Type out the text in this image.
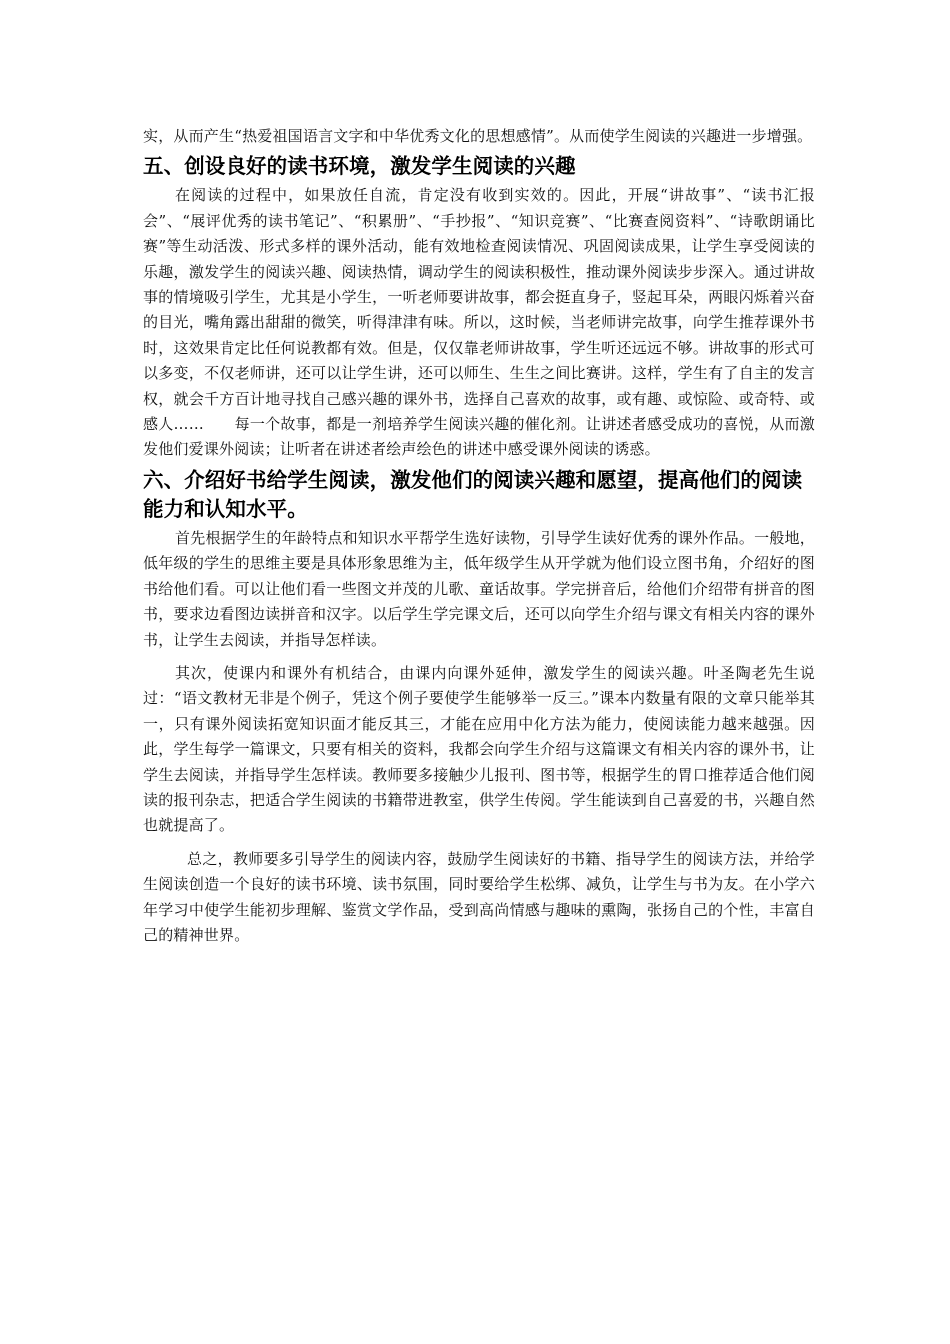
实，从而产生“热爱祖国语言文字和中华优秀文化的思想感情”。从而使学生阅读的兴趣进一步增强。

五、创设良好的读书环境，激发学生阅读的兴趣

在阅读的过程中，如果放任自流，肯定没有收到实效的。因此，开展“讲故事”、“读书汇报会”、“展评优秀的读书笔记”、“积累册”、“手抄报”、“知识竞赛”、“比赛查阅资料”、“诗歌朗诵比赛”等生动活泼、形式多样的课外活动，能有效地检查阅读情况、巩固阅读成果，让学生享受阅读的乐趣，激发学生的阅读兴趣、阅读热情，调动学生的阅读积极性，推动课外阅读步步深入。通过讲故事的情境吸引学生，尤其是小学生，一听老师要讲故事，都会挺直身子，竖起耳朵，两眼闪烁着兴奋的目光，嘴角露出甜甜的微笑，听得津津有味。所以，这时候，当老师讲完故事，向学生推荐课外书时，这效果肯定比任何说教都有效。但是，仅仅靠老师讲故事，学生听还远远不够。讲故事的形式可以多变，不仅老师讲，还可以让学生讲，还可以师生、生生之间比赛讲。这样，学生有了自主的发言权，就会千方百计地寻找自己感兴趣的课外书，选择自己喜欢的故事，或有趣、或惊险、或奇特、或感人……　　每一个故事，都是一剂培养学生阅读兴趣的催化剂。让讲述者感受成功的喜悦，从而激发他们爱课外阅读；让听者在讲述者绘声绘色的讲述中感受课外阅读的诱惑。

六、介绍好书给学生阅读，激发他们的阅读兴趣和愿望，提高他们的阅读能力和认知水平。

首先根据学生的年龄特点和知识水平帮学生选好读物，引导学生读好优秀的课外作品。一般地，低年级的学生的思维主要是具体形象思维为主，低年级学生从开学就为他们设立图书角，介绍好的图书给他们看。可以让他们看一些图文并茂的儿歌、童话故事。学完拼音后，给他们介绍带有拼音的图书，要求边看图边读拼音和汉字。以后学生学完课文后，还可以向学生介绍与课文有相关内容的课外书，让学生去阅读，并指导怎样读。

其次，使课内和课外有机结合，由课内向课外延伸，激发学生的阅读兴趣。叶圣陶老先生说过：“语文教材无非是个例子，凭这个例子要使学生能够举一反三。”课本内数量有限的文章只能举其一，只有课外阅读拓宽知识面才能反其三，才能在应用中化方法为能力，使阅读能力越来越强。因此，学生每学一篇课文，只要有相关的资料，我都会向学生介绍与这篇课文有相关内容的课外书，让学生去阅读，并指导学生怎样读。教师要多接触少儿报刊、图书等，根据学生的胃口推荐适合他们阅读的报刊杂志，把适合学生阅读的书籍带进教室，供学生传阅。学生能读到自己喜爱的书，兴趣自然也就提高了。

总之，教师要多引导学生的阅读内容，鼓励学生阅读好的书籍、指导学生的阅读方法，并给学生阅读创造一个良好的读书环境、读书氛围，同时要给学生松绑、减负，让学生与书为友。在小学六年学习中使学生能初步理解、鉴赏文学作品，受到高尚情感与趣味的熏陶，张扬自己的个性，丰富自己的精神世界。
